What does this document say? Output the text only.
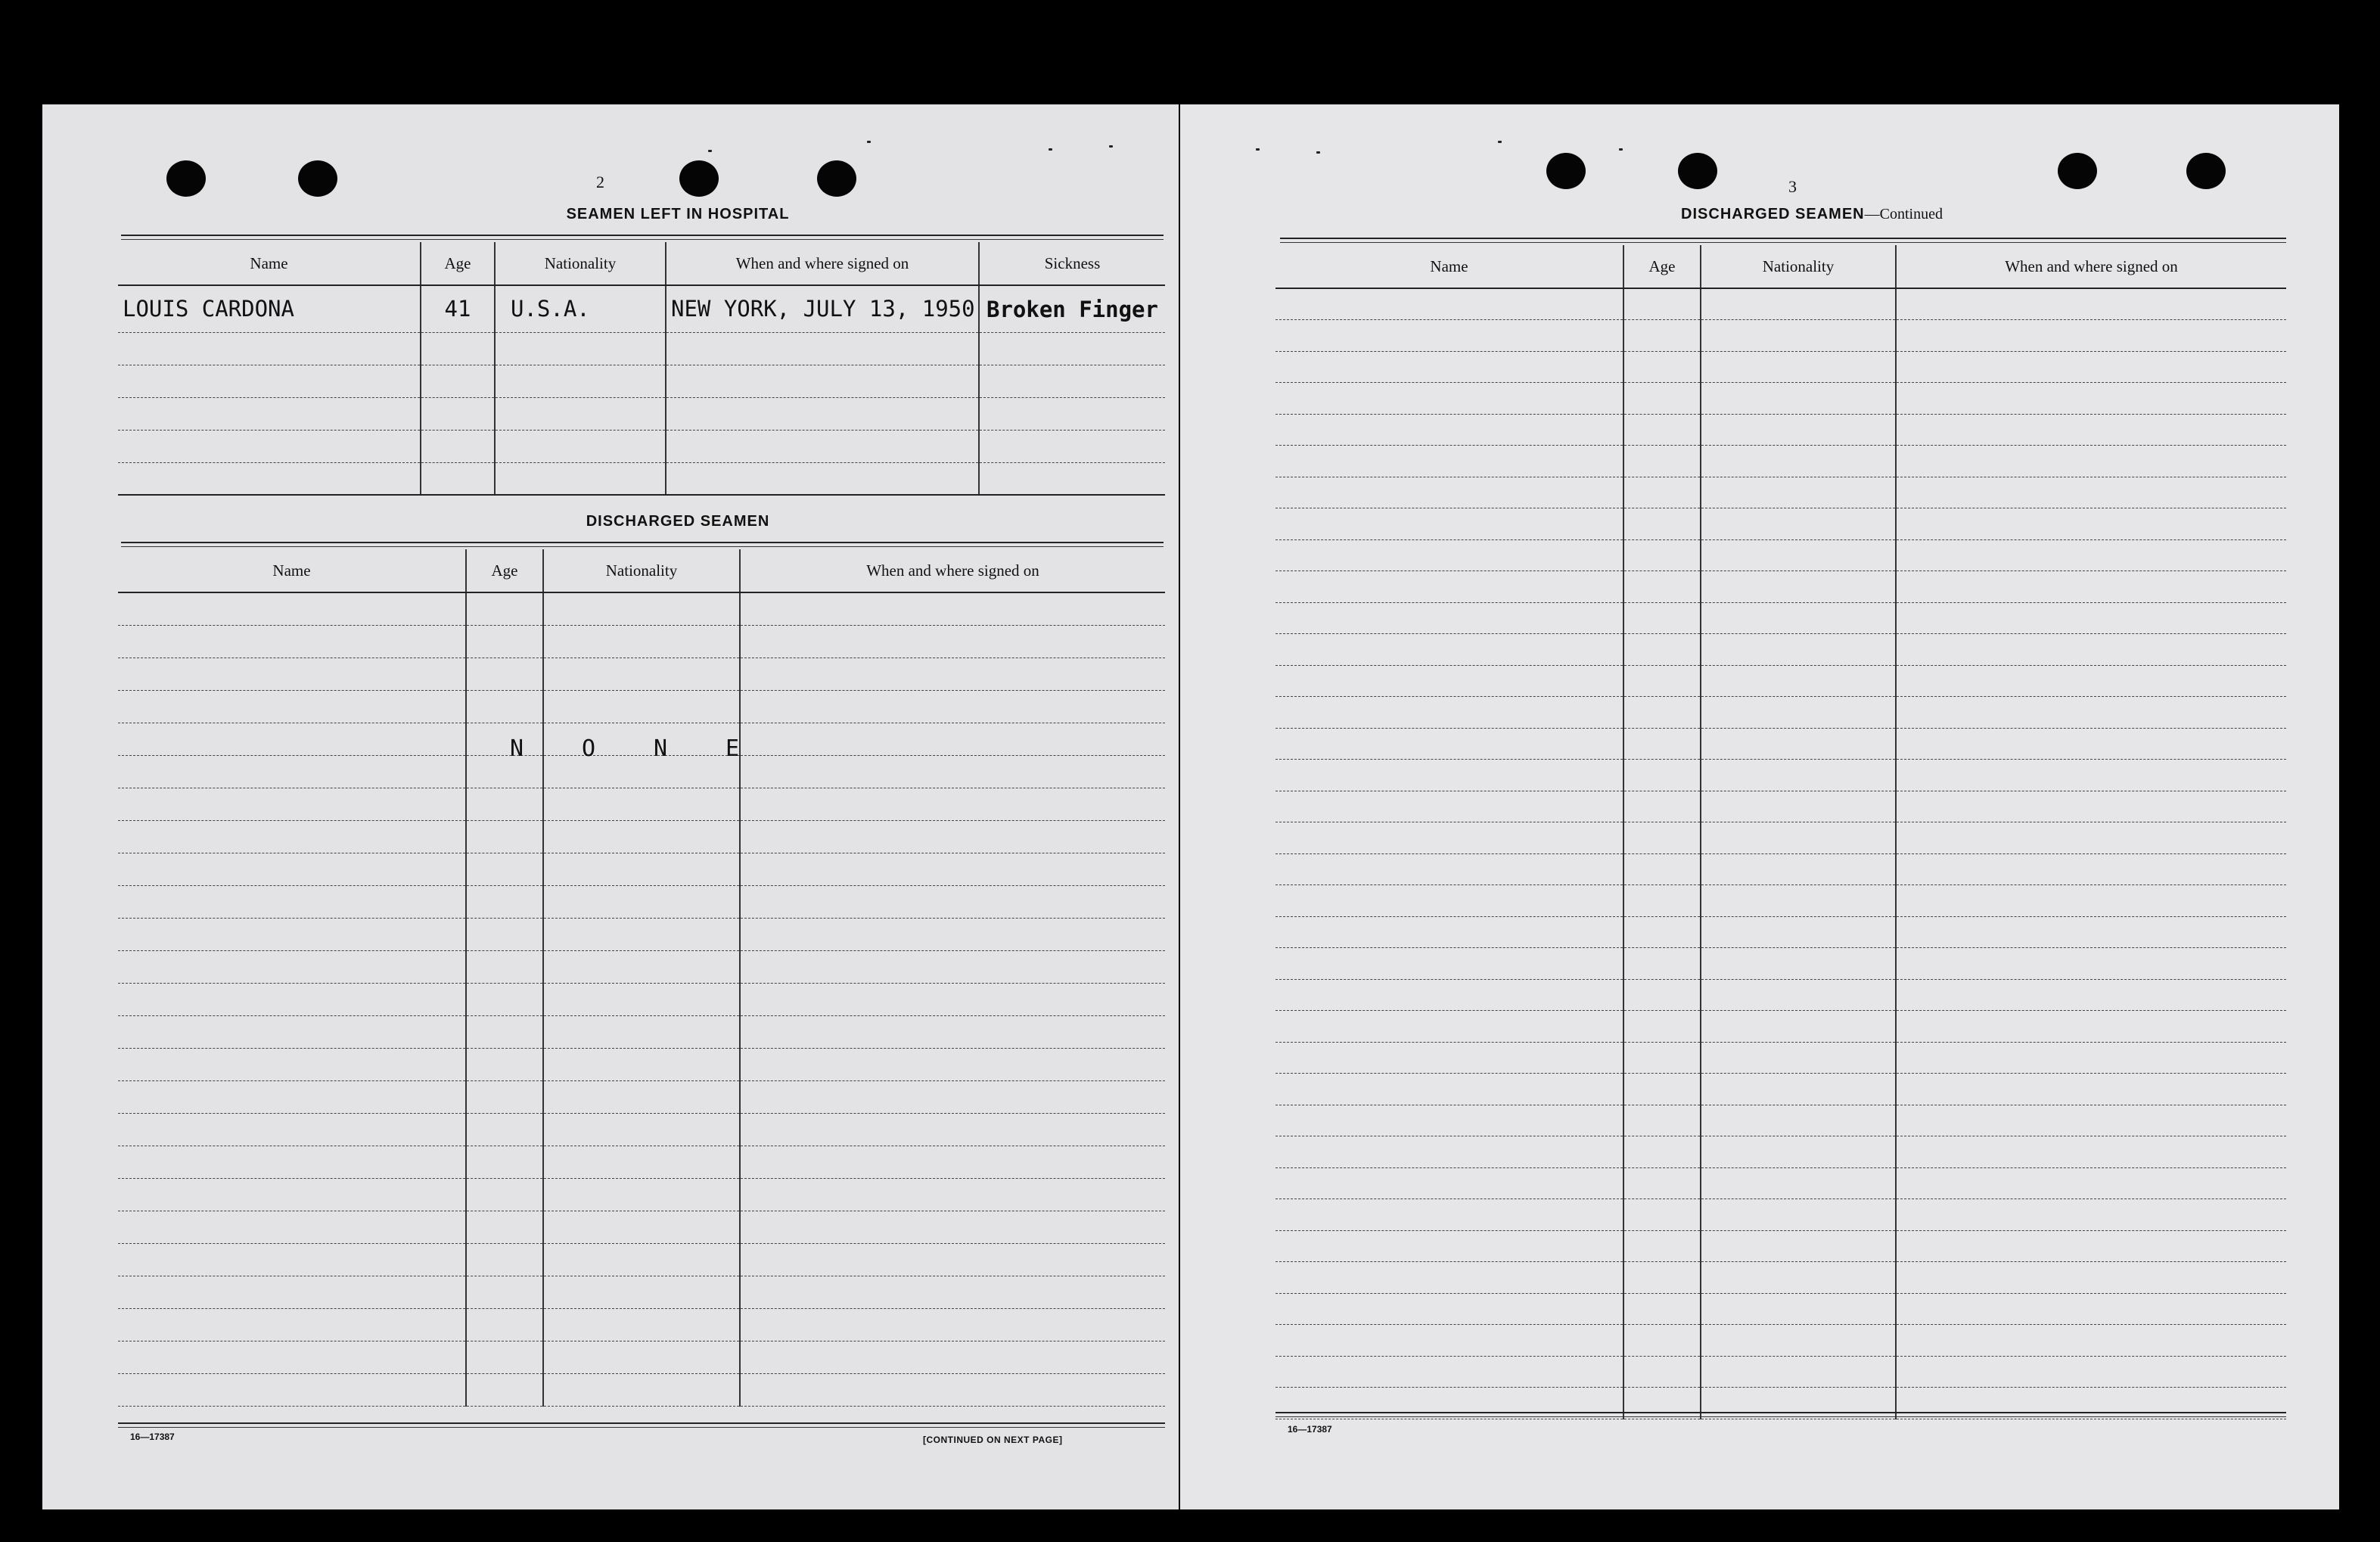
2
SEAMEN LEFT IN HOSPITAL
Name	Age	Nationality	When and where signed on	Sickness
LOUIS CARDONA	41	U.S.A.	NEW YORK, JULY 13, 1950	Broken Finger

DISCHARGED SEAMEN
Name	Age	Nationality	When and where signed on

N	O	N	E
16—17387	[CONTINUED ON NEXT PAGE]
3
DISCHARGED SEAMEN—Continued
Name	Age	Nationality	When and where signed on

16—17387
